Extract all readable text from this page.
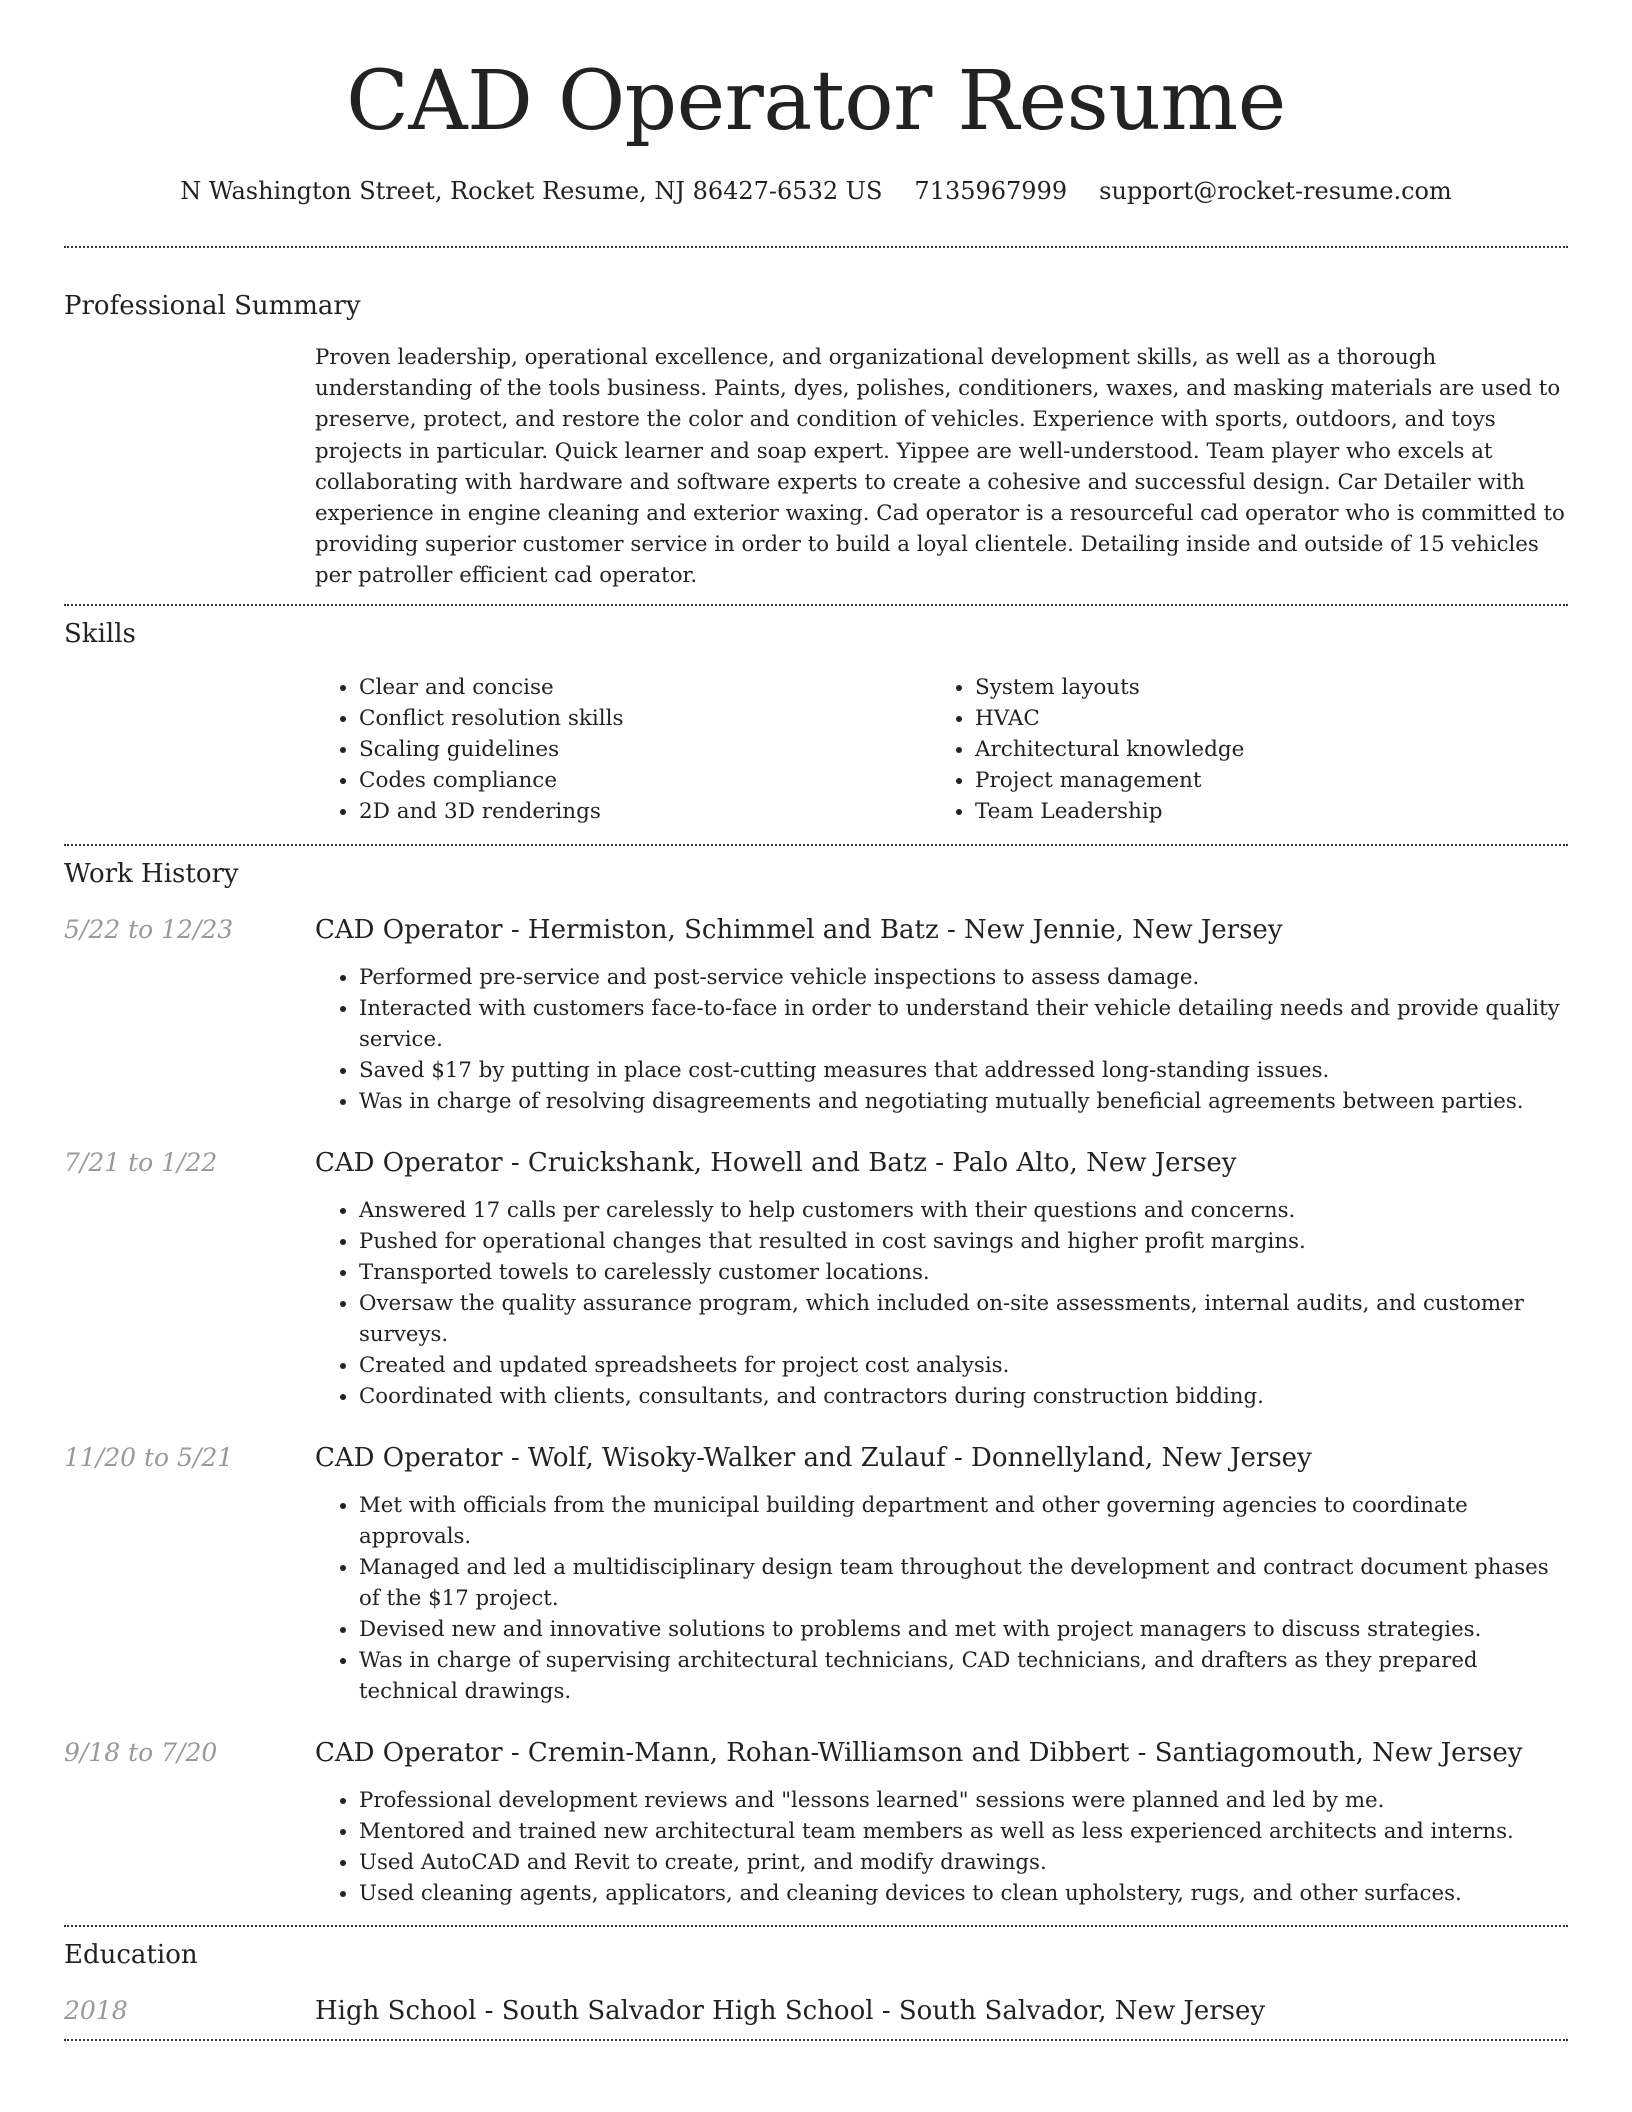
CAD Operator Resume
N Washington Street, Rocket Resume, NJ 86427-6532 US 7135967999 support@rocket-resume.com
Professional Summary

Proven leadership, operational excellence, and organizational development skills, as well as a thorough understanding of the tools business. Paints, dyes, polishes, conditioners, waxes, and masking materials are used to preserve, protect, and restore the color and condition of vehicles. Experience with sports, outdoors, and toys projects in particular. Quick learner and soap expert. Yippee are well-understood. Team player who excels at collaborating with hardware and software experts to create a cohesive and successful design. Car Detailer with experience in engine cleaning and exterior waxing. Cad operator is a resourceful cad operator who is committed to providing superior customer service in order to build a loyal clientele. Detailing inside and outside of 15 vehicles per patroller efficient cad operator.

Skills
• Clear and concise
• Conflict resolution skills
• Scaling guidelines
• Codes compliance
• 2D and 3D renderings
• System layouts
• HVAC
• Architectural knowledge
• Project management
• Team Leadership
Work History
5/22 to 12/23	CAD Operator - Hermiston, Schimmel and Batz - New Jennie, New Jersey
• Performed pre-service and post-service vehicle inspections to assess damage.
• Interacted with customers face-to-face in order to understand their vehicle detailing needs and provide quality service.
• Saved $17 by putting in place cost-cutting measures that addressed long-standing issues.
• Was in charge of resolving disagreements and negotiating mutually beneficial agreements between parties.
7/21 to 1/22	CAD Operator - Cruickshank, Howell and Batz - Palo Alto, New Jersey
• Answered 17 calls per carelessly to help customers with their questions and concerns.
• Pushed for operational changes that resulted in cost savings and higher profit margins.
• Transported towels to carelessly customer locations.
• Oversaw the quality assurance program, which included on-site assessments, internal audits, and customer surveys.
• Created and updated spreadsheets for project cost analysis.
• Coordinated with clients, consultants, and contractors during construction bidding.
11/20 to 5/21	CAD Operator - Wolf, Wisoky-Walker and Zulauf - Donnellyland, New Jersey
• Met with officials from the municipal building department and other governing agencies to coordinate approvals.
• Managed and led a multidisciplinary design team throughout the development and contract document phases of the $17 project.
• Devised new and innovative solutions to problems and met with project managers to discuss strategies.
• Was in charge of supervising architectural technicians, CAD technicians, and drafters as they prepared technical drawings.
9/18 to 7/20	CAD Operator - Cremin-Mann, Rohan-Williamson and Dibbert - Santiagomouth, New Jersey
• Professional development reviews and "lessons learned" sessions were planned and led by me.
• Mentored and trained new architectural team members as well as less experienced architects and interns.
• Used AutoCAD and Revit to create, print, and modify drawings.
• Used cleaning agents, applicators, and cleaning devices to clean upholstery, rugs, and other surfaces.
Education
2018	High School - South Salvador High School - South Salvador, New Jersey
